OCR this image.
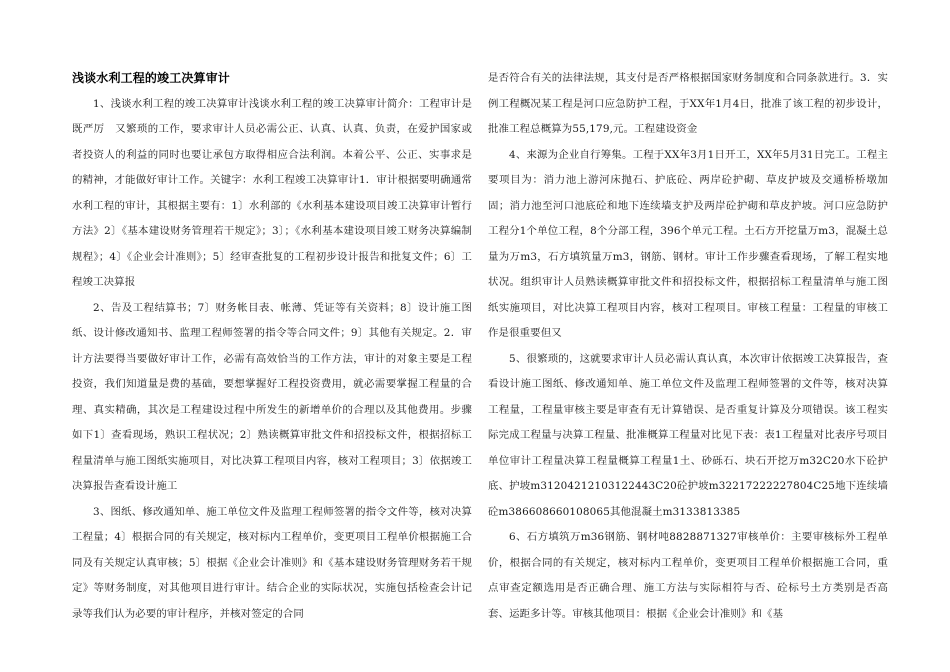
浅谈水利工程的竣工决算审计

1、浅谈水利工程的竣工决算审计浅谈水利工程的竣工决算审计简介：工程审计是既严厉　又繁琐的工作，要求审计人员必需公正、认真、认真、负责，在爱护国家或者投资人的利益的同时也要让承包方取得相应合法利润。本着公平、公正、实事求是的精神，才能做好审计工作。关键字：水利工程竣工决算审计1．审计根据要明确通常水利工程的审计，其根据主要有：1〕水利部的《水利基本建设项目竣工决算审计暂行方法》2〕《基本建设财务管理若干规定》；3〕；《水利基本建设项目竣工财务决算编制规程》；4〕《企业会计准则》；5〕经审查批复的工程初步设计报告和批复文件；6〕工程竣工决算报

2、告及工程结算书；7〕财务帐目表、帐薄、凭证等有关资料；8〕设计施工图纸、设计修改通知书、监理工程师签署的指令等合同文件；9〕其他有关规定。2．审计方法要得当要做好审计工作，必需有高效恰当的工作方法，审计的对象主要是工程投资，我们知道量是费的基础，要想掌握好工程投资费用，就必需要掌握工程量的合理、真实精确，其次是工程建设过程中所发生的新增单价的合理以及其他费用。步骤如下1〕查看现场，熟识工程状况；2〕熟读概算审批文件和招投标文件，根据招标工程量清单与施工图纸实施项目，对比决算工程项目内容，核对工程项目；3〕依据竣工决算报告查看设计施工

3、图纸、修改通知单、施工单位文件及监理工程师签署的指令文件等，核对决算工程量；4〕根据合同的有关规定，核对标内工程单价，变更项目工程单价根据施工合同及有关规定认真审核；5〕根据《企业会计准则》和《基本建设财务管理财务若干规定》等财务制度，对其他项目进行审计。结合企业的实际状况，实施包括检查会计记录等我们认为必要的审计程序，并核对签定的合同

是否符合有关的法律法规，其支付是否严格根据国家财务制度和合同条款进行。3．实例工程概况某工程是河口应急防护工程，于XX年1月4日，批准了该工程的初步设计，批准工程总概算为55,179,元。工程建设资金

4、来源为企业自行筹集。工程于XX年3月1日开工，XX年5月31日完工。工程主要项目为：消力池上游河床抛石、护底砼、两岸砼护砌、草皮护坡及交通桥桥墩加固；消力池至河口池底砼和地下连续墙支护及两岸砼护砌和草皮护坡。河口应急防护工程分1个单位工程，8个分部工程，396个单元工程。土石方开挖量万m3，混凝土总量为万m3，石方填筑量万m3，钢筋、钢材。审计工作步骤查看现场，了解工程实地状况。组织审计人员熟读概算审批文件和招投标文件，根据招标工程量清单与施工图纸实施项目，对比决算工程项目内容，核对工程项目。审核工程量：工程量的审核工作是很重要但又

5、很繁琐的，这就要求审计人员必需认真认真，本次审计依据竣工决算报告，查看设计施工图纸、修改通知单、施工单位文件及监理工程师签署的文件等，核对决算工程量，工程量审核主要是审查有无计算错误、是否重复计算及分项错误。该工程实际完成工程量与决算工程量、批准概算工程量对比见下表：表1工程量对比表序号项目单位审计工程量决算工程量概算工程量1土、砂砾石、块石开挖万m32C20水下砼护底、护坡m31204212103122443C20砼护坡m32217222227804C25地下连续墙砼m386608660108065其他混凝土m3133813385

6、石方填筑万m36钢筋、钢材吨8828871327审核单价：主要审核标外工程单价，根据合同的有关规定，核对标内工程单价，变更项目工程单价根据施工合同，重点审查定额选用是否正确合理、施工方法与实际相符与否、砼标号土方类别是否高套、运距多计等。审核其他项目：根据《企业会计准则》和《基
